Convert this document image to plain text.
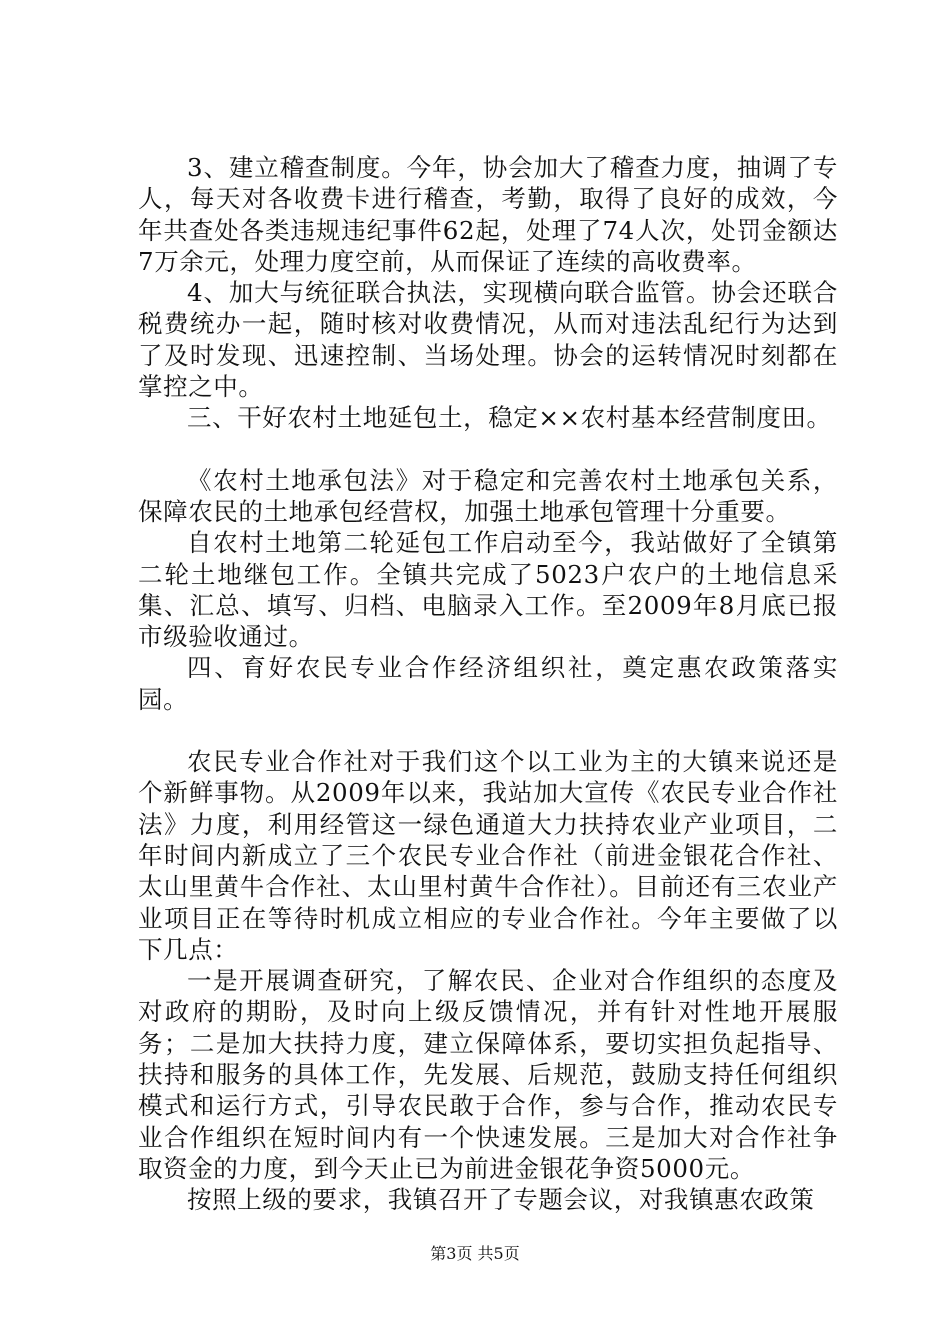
3、建立稽查制度。今年，协会加大了稽查力度，抽调了专人，每天对各收费卡进行稽查，考勤，取得了良好的成效，今年共查处各类违规违纪事件62起，处理了74人次，处罚金额达7万余元，处理力度空前，从而保证了连续的高收费率。

4、加大与统征联合执法，实现横向联合监管。协会还联合税费统办一起，随时核对收费情况，从而对违法乱纪行为达到了及时发现、迅速控制、当场处理。协会的运转情况时刻都在掌控之中。

三、干好农村土地延包土，稳定××农村基本经营制度田。

《农村土地承包法》对于稳定和完善农村土地承包关系，保障农民的土地承包经营权，加强土地承包管理十分重要。

自农村土地第二轮延包工作启动至今，我站做好了全镇第二轮土地继包工作。全镇共完成了5023户农户的土地信息采集、汇总、填写、归档、电脑录入工作。至2009年8月底已报市级验收通过。

四、育好农民专业合作经济组织社，奠定惠农政策落实园。

农民专业合作社对于我们这个以工业为主的大镇来说还是个新鲜事物。从2009年以来，我站加大宣传《农民专业合作社法》力度，利用经管这一绿色通道大力扶持农业产业项目，二年时间内新成立了三个农民专业合作社（前进金银花合作社、太山里黄牛合作社、太山里村黄牛合作社）。目前还有三农业产业项目正在等待时机成立相应的专业合作社。今年主要做了以下几点：

一是开展调查研究，了解农民、企业对合作组织的态度及对政府的期盼，及时向上级反馈情况，并有针对性地开展服务；二是加大扶持力度，建立保障体系，要切实担负起指导、扶持和服务的具体工作，先发展、后规范，鼓励支持任何组织模式和运行方式，引导农民敢于合作，参与合作，推动农民专业合作组织在短时间内有一个快速发展。三是加大对合作社争取资金的力度，到今天止已为前进金银花争资5000元。

按照上级的要求，我镇召开了专题会议，对我镇惠农政策

第3页 共5页
